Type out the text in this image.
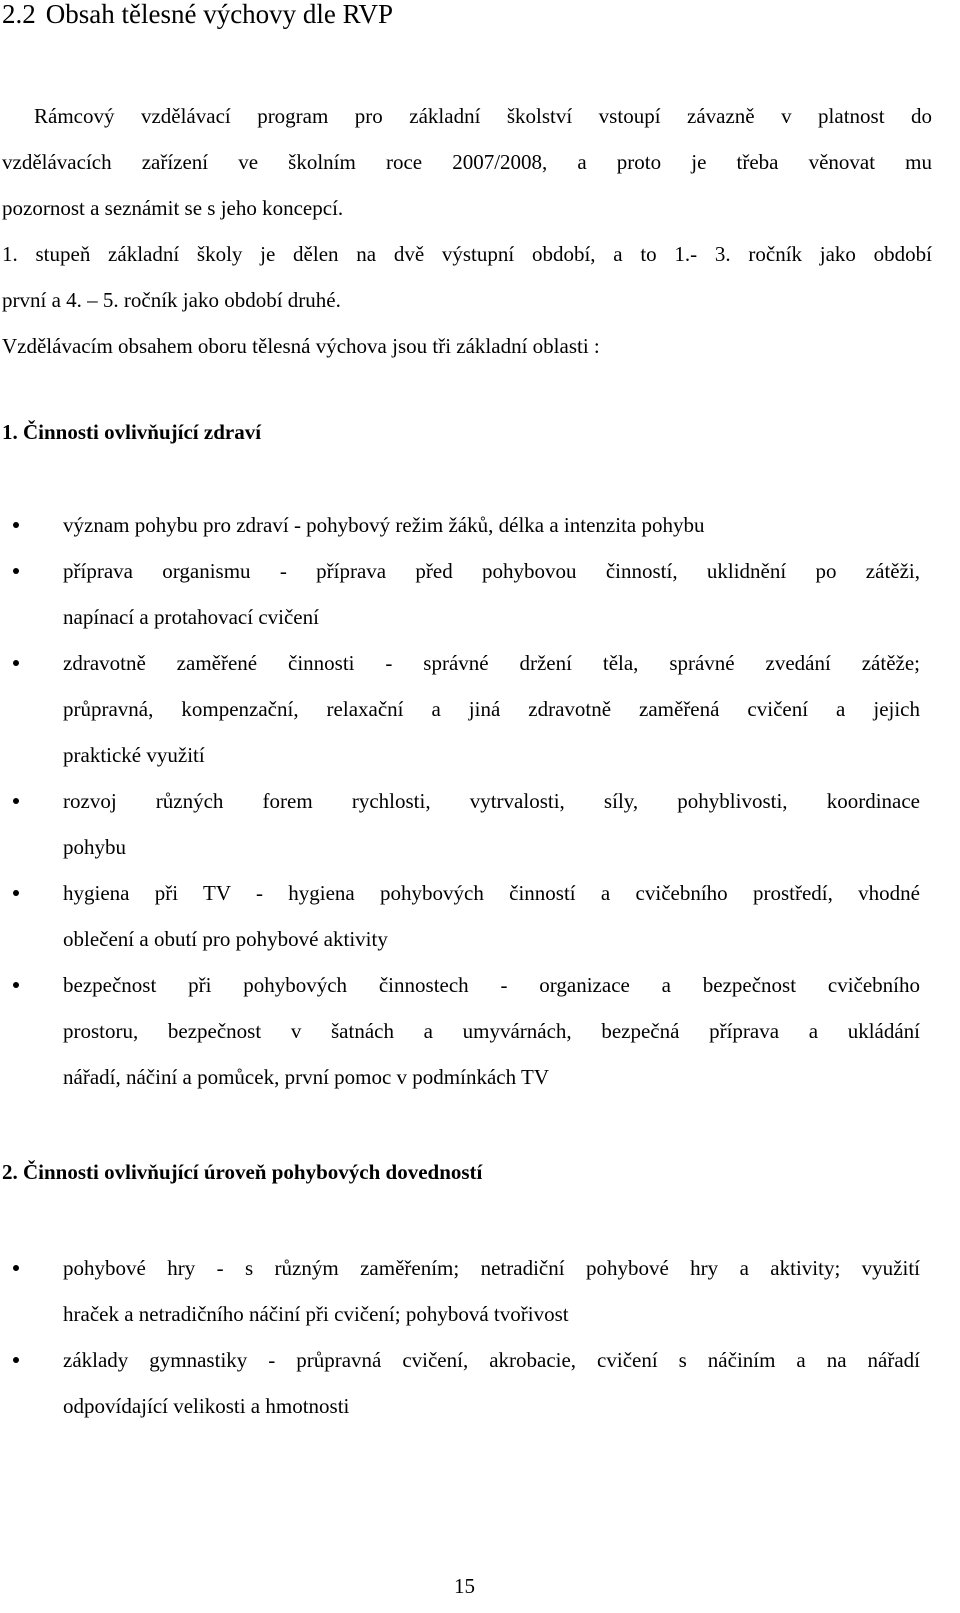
2.2 Obsah tělesné výchovy dle RVP
Rámcový vzdělávací program pro základní školství vstoupí závazně v platnost do
vzdělávacích zařízení ve školním roce 2007/2008, a proto je třeba věnovat mu
pozornost a seznámit se s jeho koncepcí.
1. stupeň základní školy je dělen na dvě výstupní období, a to 1.- 3. ročník jako období
první a 4. – 5. ročník jako období druhé.
Vzdělávacím obsahem oboru tělesná výchova jsou tři základní oblasti :
1. Činnosti ovlivňující zdraví
význam pohybu pro zdraví - pohybový režim žáků, délka a intenzita pohybu
příprava organismu - příprava před pohybovou činností, uklidnění po zátěži,
napínací a protahovací cvičení
zdravotně zaměřené činnosti - správné držení těla, správné zvedání zátěže;
průpravná, kompenzační, relaxační a jiná zdravotně zaměřená cvičení a jejich
praktické využití
rozvoj různých forem rychlosti, vytrvalosti, síly, pohyblivosti, koordinace
pohybu
hygiena při TV - hygiena pohybových činností a cvičebního prostředí, vhodné
oblečení a obutí pro pohybové aktivity
bezpečnost při pohybových činnostech - organizace a bezpečnost cvičebního
prostoru, bezpečnost v šatnách a umyvárnách, bezpečná příprava a ukládání
nářadí, náčiní a pomůcek, první pomoc v podmínkách TV
2. Činnosti ovlivňující úroveň pohybových dovedností
pohybové hry - s různým zaměřením; netradiční pohybové hry a aktivity; využití
hraček a netradičního náčiní při cvičení; pohybová tvořivost
základy gymnastiky - průpravná cvičení, akrobacie, cvičení s náčiním a na nářadí
odpovídající velikosti a hmotnosti
15
